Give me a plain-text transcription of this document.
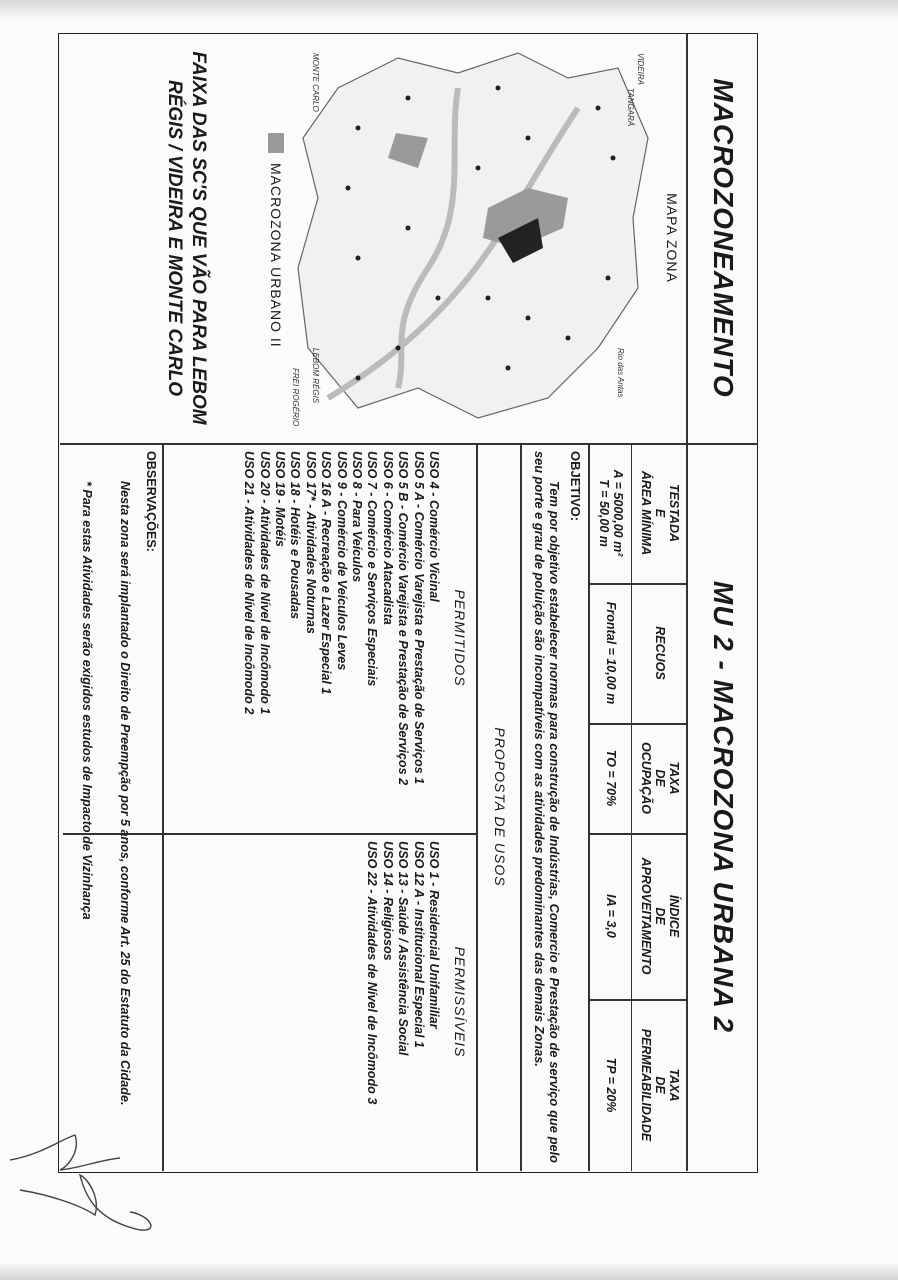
MACROZONEAMENTO
MU 2 - MACROZONA URBANA 2
MAPA ZONA
Rio das Antas
TANGARÁ
VIDEIRA
MONTE CARLO
LEBOM RÉGIS
FREI ROGÉRIO
MACROZONA URBANO II
FAIXA DAS SC'S QUE VÃO PARA LEBOM
RÉGIS / VIDEIRA E MONTE CARLO
TESTADA
E
ÁREA MÍNIMA
RECUOS
TAXA
DE
OCUPAÇÃO
ÍNDICE
DE
APROVEITAMENTO
TAXA
DE
PERMEABILIDADE
A = 5000,00 m²
T = 50,00 m
Frontal = 10,00 m
TO = 70%
IA = 3,0
TP = 20%
OBJETIVO:
Tem por objetivo estabelecer normas para construção de Indústrias, Comercio e Prestação de serviço que pelo seu porte e grau de poluição são incompatíveis com as atividades predominantes das demais Zonas.
PROPOSTA DE USOS
PERMITIDOS
PERMISSÍVEIS
USO 4 - Comércio Vicinal
USO 5 A - Comércio Varejista e Prestação de Serviços 1
USO 5 B - Comércio Varejista e Prestação de Serviços 2
USO 6 - Comércio Atacadista
USO 7 - Comércio e Serviços Especiais
USO 8 - Para Veículos
USO 9 - Comércio de Veículos Leves
USO 16 A - Recreação e Lazer Especial 1
USO 17* - Atividades Noturnas
USO 18 - Hotéis e Pousadas
USO 19 - Motéis
USO 20 - Atividades de Nível de Incômodo 1
USO 21 - Atividades de Nível de Incômodo 2
USO 1 - Residencial Unifamiliar
USO 12 A - Institucional Especial 1
USO 13 - Saúde / Assistência Social
USO 14 - Religiosos
USO 22 - Atividades de Nível de Incômodo 3
OBSERVAÇÕES:
Nesta zona será implantado o Direito de Preempção por 5 anos, conforme Art. 25 do Estatuto da Cidade.
* Para estas Atividades serão exigidos estudos de Impacto de Vizinhança
